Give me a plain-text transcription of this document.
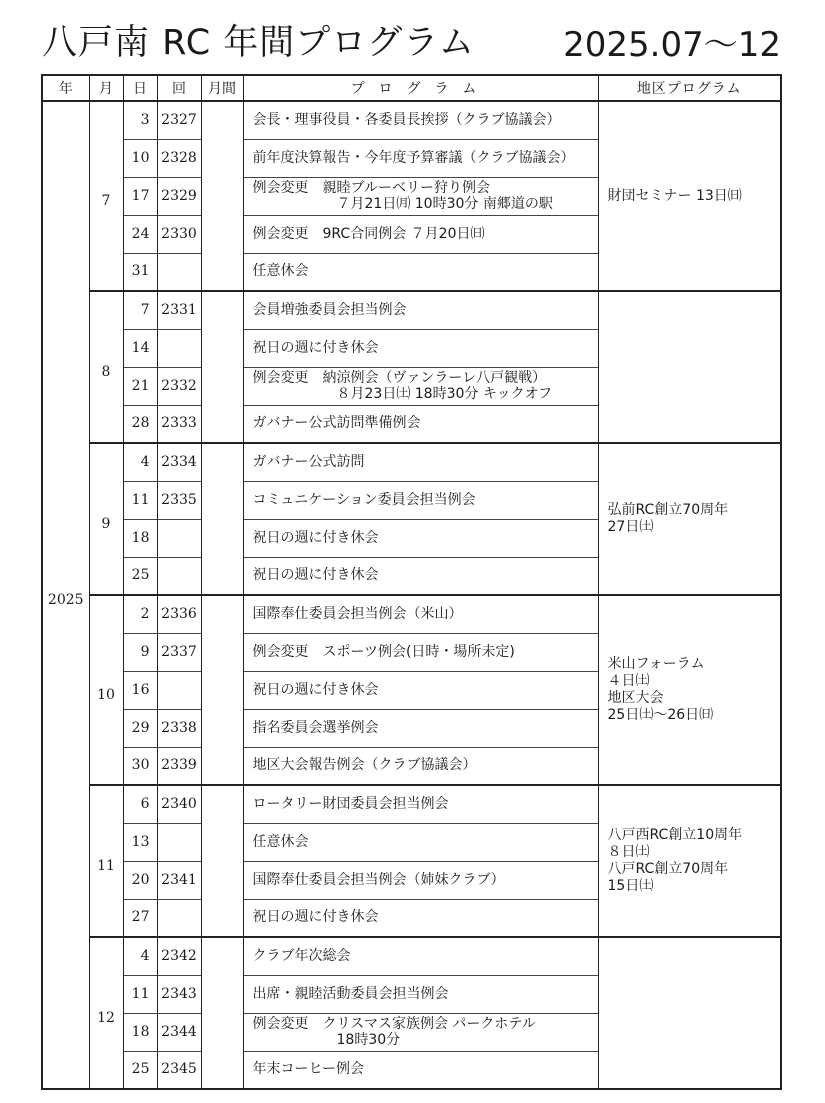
八戸南 RC 年間プログラム	2025.07〜12
年	月	日	回	月間	プログラム	地区プログラム
2025	7	3	2327		会長・理事役員・各委員長挨拶（クラブ協議会）	財団セミナー 13日㈰

		10	2328		前年度決算報告・今年度予算審議（クラブ協議会）	

		17	2329		例会変更　親睦ブルーベリー狩り例会
７月21日㈪ 10時30分 南郷道の駅	

		24	2330		例会変更　9RC合同例会 ７月20日㈰	

		31			任意休会	

	8	7	2331		会員増強委員会担当例会	

		14			祝日の週に付き休会	

		21	2332		例会変更　納涼例会（ヴァンラーレ八戸観戦）
８月23日㈯ 18時30分 キックオフ	

		28	2333		ガバナー公式訪問準備例会	

	9	4	2334		ガバナー公式訪問	弘前RC創立70周年
27日㈯

		11	2335		コミュニケーション委員会担当例会	

		18			祝日の週に付き休会	

		25			祝日の週に付き休会	

	10	2	2336		国際奉仕委員会担当例会（米山）	米山フォーラム
４日㈯
地区大会
25日㈯〜26日㈰

		9	2337		例会変更　スポーツ例会(日時・場所未定)	

		16			祝日の週に付き休会	

		29	2338		指名委員会選挙例会	

		30	2339		地区大会報告例会（クラブ協議会）	

	11	6	2340		ロータリー財団委員会担当例会	八戸西RC創立10周年
８日㈯
八戸RC創立70周年
15日㈯

		13			任意休会	

		20	2341		国際奉仕委員会担当例会（姉妹クラブ）	

		27			祝日の週に付き休会	

	12	4	2342		クラブ年次総会	

		11	2343		出席・親睦活動委員会担当例会	

		18	2344		例会変更　クリスマス家族例会 パークホテル
18時30分	

		25	2345		年末コーヒー例会	
